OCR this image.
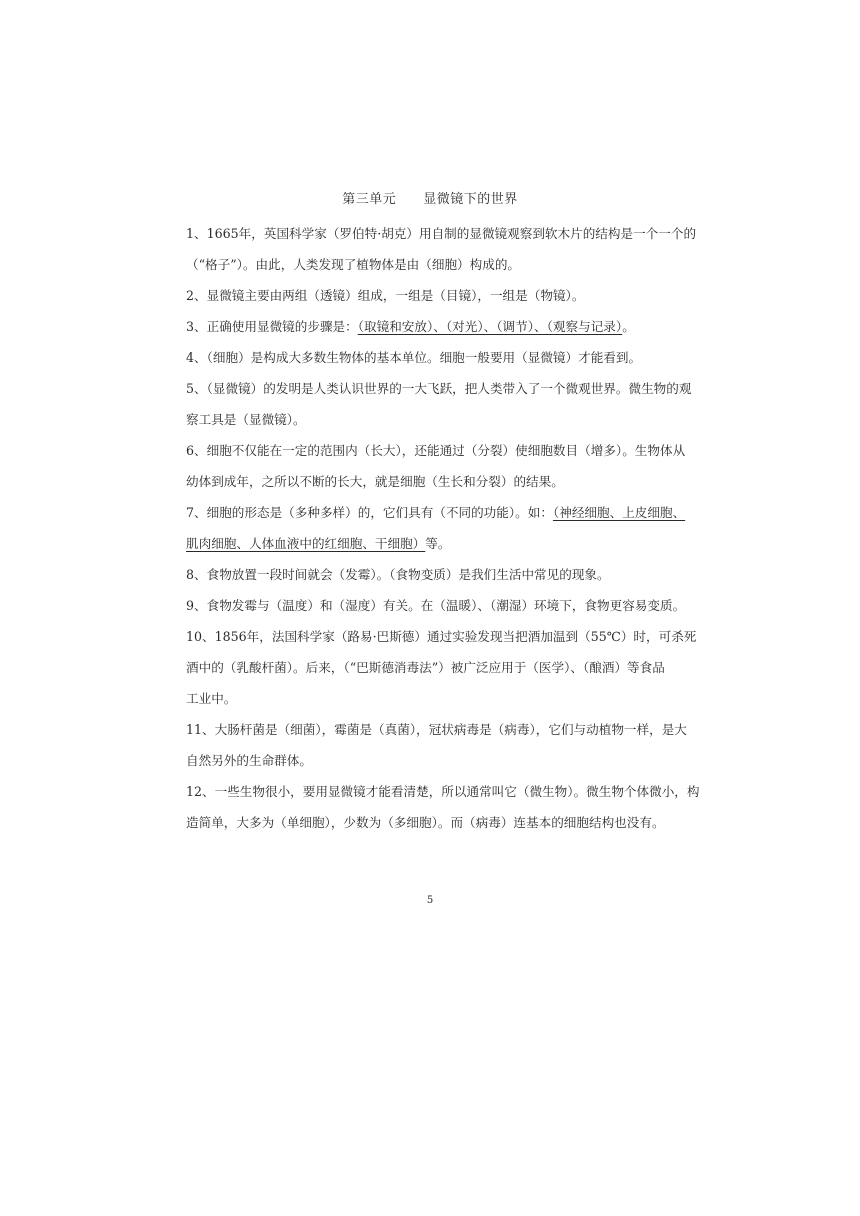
第三单元　　显微镜下的世界
1、1665年，英国科学家（罗伯特·胡克）用自制的显微镜观察到软木片的结构是一个一个的
（“格子”）。由此，人类发现了植物体是由（细胞）构成的。
2、显微镜主要由两组（透镜）组成，一组是（目镜），一组是（物镜）。
3、正确使用显微镜的步骤是：（取镜和安放）、（对光）、（调节）、（观察与记录）。
4、（细胞）是构成大多数生物体的基本单位。细胞一般要用（显微镜）才能看到。
5、（显微镜）的发明是人类认识世界的一大飞跃，把人类带入了一个微观世界。微生物的观
察工具是（显微镜）。
6、细胞不仅能在一定的范围内（长大），还能通过（分裂）使细胞数目（增多）。生物体从
幼体到成年，之所以不断的长大，就是细胞（生长和分裂）的结果。
7、细胞的形态是（多种多样）的，它们具有（不同的功能）。如：（神经细胞、上皮细胞、
肌肉细胞、人体血液中的红细胞、干细胞）等。
8、食物放置一段时间就会（发霉）。（食物变质）是我们生活中常见的现象。
9、食物发霉与（温度）和（湿度）有关。在（温暖）、（潮湿）环境下，食物更容易变质。
10、1856年，法国科学家（路易·巴斯德）通过实验发现当把酒加温到（55℃）时，可杀死
酒中的（乳酸杆菌）。后来，（“巴斯德消毒法”）被广泛应用于（医学）、（酿酒）等食品
工业中。
11、大肠杆菌是（细菌），霉菌是（真菌），冠状病毒是（病毒），它们与动植物一样，是大
自然另外的生命群体。
12、一些生物很小，要用显微镜才能看清楚，所以通常叫它（微生物）。微生物个体微小，构
造简单，大多为（单细胞），少数为（多细胞）。而（病毒）连基本的细胞结构也没有。
5
